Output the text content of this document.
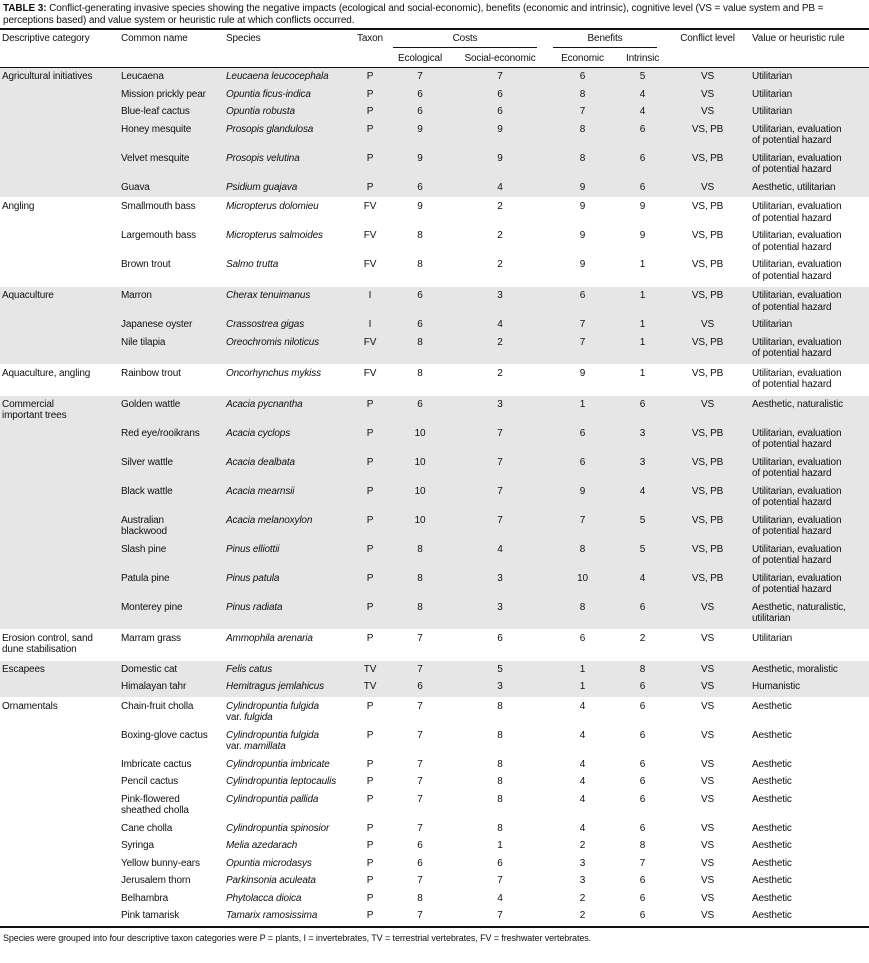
TABLE 3: Conflict-generating invasive species showing the negative impacts (ecological and social-economic), benefits (economic and intrinsic), cognitive level (VS = value system and PB = perceptions based) and value system or heuristic rule at which conflicts occurred.
Descriptive category	Common name	Species	Taxon	Costs		Benefits		Conflict level	Value or heuristic rule
				Ecological	Social-economic	Economic	Intrinsic		
Agricultural initiatives	Leucaena	Leucaena leucocephala	P	7	7	6	5	VS	Utilitarian
	Mission prickly pear	Opuntia ficus-indica	P	6	6	8	4	VS	Utilitarian
	Blue-leaf cactus	Opuntia robusta	P	6	6	7	4	VS	Utilitarian
	Honey mesquite	Prosopis glandulosa	P	9	9	8	6	VS, PB	Utilitarian, evaluation
of potential hazard
	Velvet mesquite	Prosopis velutina	P	9	9	8	6	VS, PB	Utilitarian, evaluation
of potential hazard
	Guava	Psidium guajava	P	6	4	9	6	VS	Aesthetic, utilitarian
Angling	Smallmouth bass	Micropterus dolomieu	FV	9	2	9	9	VS, PB	Utilitarian, evaluation
of potential hazard
	Largemouth bass	Micropterus salmoides	FV	8	2	9	9	VS, PB	Utilitarian, evaluation
of potential hazard
	Brown trout	Salmo trutta	FV	8	2	9	1	VS, PB	Utilitarian, evaluation
of potential hazard
Aquaculture	Marron	Cherax tenuimanus	I	6	3	6	1	VS, PB	Utilitarian, evaluation
of potential hazard
	Japanese oyster	Crassostrea gigas	I	6	4	7	1	VS	Utilitarian
	Nile tilapia	Oreochromis niloticus	FV	8	2	7	1	VS, PB	Utilitarian, evaluation
of potential hazard
Aquaculture, angling	Rainbow trout	Oncorhynchus mykiss	FV	8	2	9	1	VS, PB	Utilitarian, evaluation
of potential hazard
Commercial
important trees	Golden wattle	Acacia pycnantha	P	6	3	1	6	VS	Aesthetic, naturalistic
	Red eye/rooikrans	Acacia cyclops	P	10	7	6	3	VS, PB	Utilitarian, evaluation
of potential hazard
	Silver wattle	Acacia dealbata	P	10	7	6	3	VS, PB	Utilitarian, evaluation
of potential hazard
	Black wattle	Acacia mearnsii	P	10	7	9	4	VS, PB	Utilitarian, evaluation
of potential hazard
	Australian
blackwood	Acacia melanoxylon	P	10	7	7	5	VS, PB	Utilitarian, evaluation
of potential hazard
	Slash pine	Pinus elliottii	P	8	4	8	5	VS, PB	Utilitarian, evaluation
of potential hazard
	Patula pine	Pinus patula	P	8	3	10	4	VS, PB	Utilitarian, evaluation
of potential hazard
	Monterey pine	Pinus radiata	P	8	3	8	6	VS	Aesthetic, naturalistic,
utilitarian
Erosion control, sand
dune stabilisation	Marram grass	Ammophila arenaria	P	7	6	6	2	VS	Utilitarian
Escapees	Domestic cat	Felis catus	TV	7	5	1	8	VS	Aesthetic, moralistic
	Himalayan tahr	Hemitragus jemlahicus	TV	6	3	1	6	VS	Humanistic
Ornamentals	Chain-fruit cholla	Cylindropuntia fulgida
var. fulgida	P	7	8	4	6	VS	Aesthetic
	Boxing-glove cactus	Cylindropuntia fulgida
var. mamillata	P	7	8	4	6	VS	Aesthetic
	Imbricate cactus	Cylindropuntia imbricate	P	7	8	4	6	VS	Aesthetic
	Pencil cactus	Cylindropuntia leptocaulis	P	7	8	4	6	VS	Aesthetic
	Pink-flowered
sheathed cholla	Cylindropuntia pallida	P	7	8	4	6	VS	Aesthetic
	Cane cholla	Cylindropuntia spinosior	P	7	8	4	6	VS	Aesthetic
	Syringa	Melia azedarach	P	6	1	2	8	VS	Aesthetic
	Yellow bunny-ears	Opuntia microdasys	P	6	6	3	7	VS	Aesthetic
	Jerusalem thorn	Parkinsonia aculeata	P	7	7	3	6	VS	Aesthetic
	Belhambra	Phytolacca dioica	P	8	4	2	6	VS	Aesthetic
	Pink tamarisk	Tamarix ramosissima	P	7	7	2	6	VS	Aesthetic
Species were grouped into four descriptive taxon categories were P = plants, I = invertebrates, TV = terrestrial vertebrates, FV = freshwater vertebrates.
